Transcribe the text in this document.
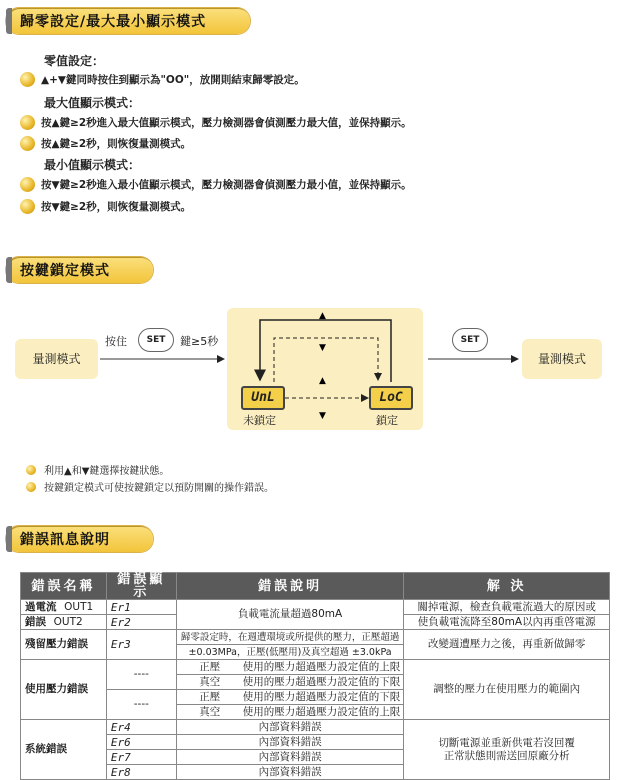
歸零設定/最大最小顯示模式
零值設定：
▲+▼鍵同時按住到顯示為"OO"，放開則結束歸零設定。
最大值顯示模式：
按▲鍵≥2秒進入最大值顯示模式，壓力檢測器會偵測壓力最大值，並保持顯示。
按▲鍵≥2秒，則恢復量測模式。
最小值顯示模式：
按▼鍵≥2秒進入最小值顯示模式，壓力檢測器會偵測壓力最小值，並保持顯示。
按▼鍵≥2秒，則恢復量測模式。
按鍵鎖定模式
量測模式
按住	SET	鍵≥5秒	SET
量測模式
▲
▼
▲
▼
UnL	LoC
未鎖定	鎖定
利用▲和▼鍵選擇按鍵狀態。
按鍵鎖定模式可使按鍵鎖定以預防開關的操作錯誤。
錯誤訊息說明
錯誤名稱	錯誤顯示	錯誤說明	解 決
過電流 OUT1	Er1	負載電流量超過80mA	關掉電源，檢查負載電流過大的原因或
錯誤 OUT2	Er2		使負載電流降至80mA以內再重啓電源
殘留壓力錯誤	Er3	歸零設定時，在週遭環境或所提供的壓力，正壓超過	改變週遭壓力之後，再重新做歸零
		±0.03MPa，正壓(低壓用)及真空超過 ±3.0kPa	
使用壓力錯誤	----	正壓 使用的壓力超過壓力設定值的上限	調整的壓力在使用壓力的範圍內
		真空 使用的壓力超過壓力設定值的下限	
	----	正壓 使用的壓力超過壓力設定值的下限	
		真空 使用的壓力超過壓力設定值的上限	
系統錯誤	Er4	內部資料錯誤	切斷電源並重新供電若沒回覆
正常狀態則需送回原廠分析

	Er6	內部資料錯誤	
	Er7	內部資料錯誤	
	Er8	內部資料錯誤	
